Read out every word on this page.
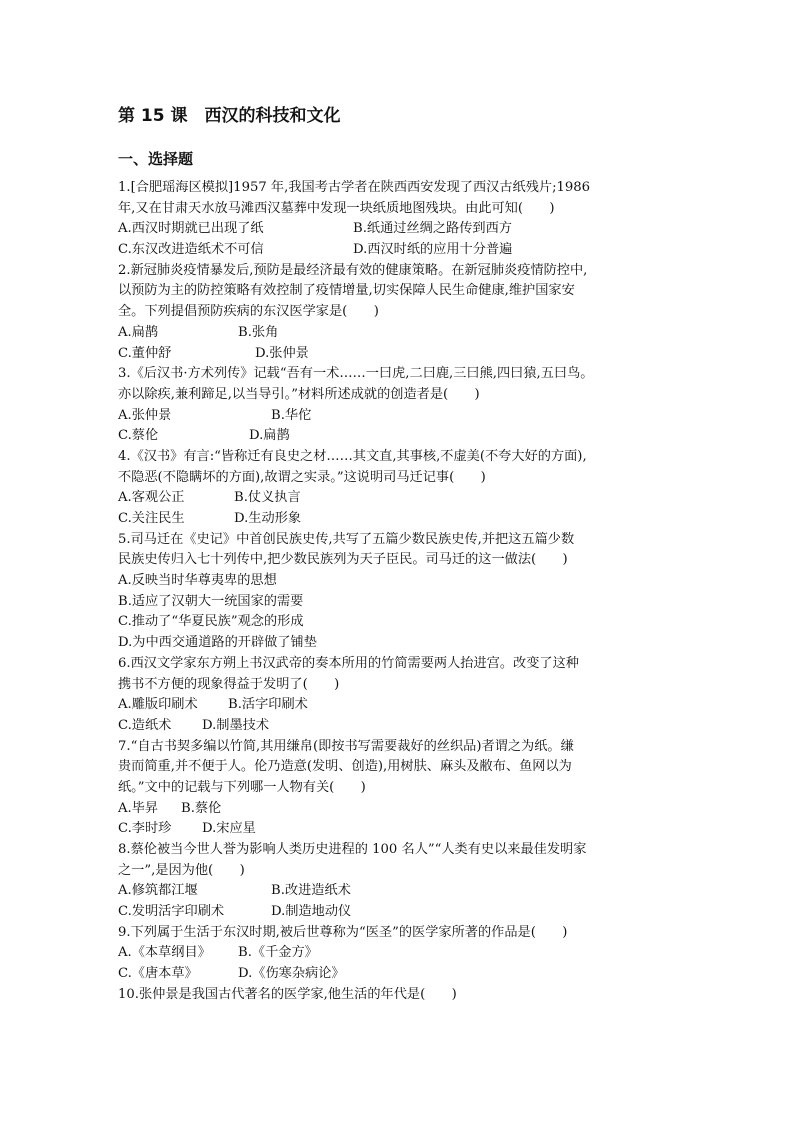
第 15 课　西汉的科技和文化
一、选择题
1.[合肥瑶海区模拟]1957 年,我国考古学者在陕西西安发现了西汉古纸残片;1986
年,又在甘肃天水放马滩西汉墓葬中发现一块纸质地图残块。由此可知(　　)
A.西汉时期就已出现了纸	B.纸通过丝绸之路传到西方
C.东汉改进造纸术不可信	D.西汉时纸的应用十分普遍
2.新冠肺炎疫情暴发后,预防是最经济最有效的健康策略。在新冠肺炎疫情防控中,
以预防为主的防控策略有效控制了疫情增量,切实保障人民生命健康,维护国家安
全。下列提倡预防疾病的东汉医学家是(　　)
A.扁鹊	B.张角
C.董仲舒	D.张仲景
3.《后汉书·方术列传》记载“吾有一术……一曰虎,二曰鹿,三曰熊,四曰猿,五曰鸟。
亦以除疾,兼利蹄足,以当导引。”材料所述成就的创造者是(　　)
A.张仲景	B.华佗
C.蔡伦	D.扁鹊
4.《汉书》有言:“皆称迁有良史之材……其文直,其事核,不虚美(不夸大好的方面),
不隐恶(不隐瞒坏的方面),故谓之实录。”这说明司马迁记事(　　)
A.客观公正	B.仗义执言
C.关注民生	D.生动形象
5.司马迁在《史记》中首创民族史传,共写了五篇少数民族史传,并把这五篇少数
民族史传归入七十列传中,把少数民族列为天子臣民。司马迁的这一做法(　　)
A.反映当时华尊夷卑的思想
B.适应了汉朝大一统国家的需要
C.推动了“华夏民族”观念的形成
D.为中西交通道路的开辟做了铺垫
6.西汉文学家东方朔上书汉武帝的奏本所用的竹简需要两人抬进宫。改变了这种
携书不方便的现象得益于发明了(　　)
A.雕版印刷术 B.活字印刷术
C.造纸术 D.制墨技术
7.“自古书契多编以竹简,其用缣帛(即按书写需要裁好的丝织品)者谓之为纸。缣
贵而简重,并不便于人。伦乃造意(发明、创造),用树肤、麻头及敝布、鱼网以为
纸。”文中的记载与下列哪一人物有关(　　)
A.毕昇 B.蔡伦
C.李时珍 D.宋应星
8.蔡伦被当今世人誉为影响人类历史进程的 100 名人”“人类有史以来最佳发明家
之一”,是因为他(　　)
A.修筑都江堰	B.改进造纸术
C.发明活字印刷术	D.制造地动仪
9.下列属于生活于东汉时期,被后世尊称为“医圣”的医学家所著的作品是(　　)
A.《本草纲目》 B.《千金方》
C.《唐本草》	D.《伤寒杂病论》
10.张仲景是我国古代著名的医学家,他生活的年代是(　　)
